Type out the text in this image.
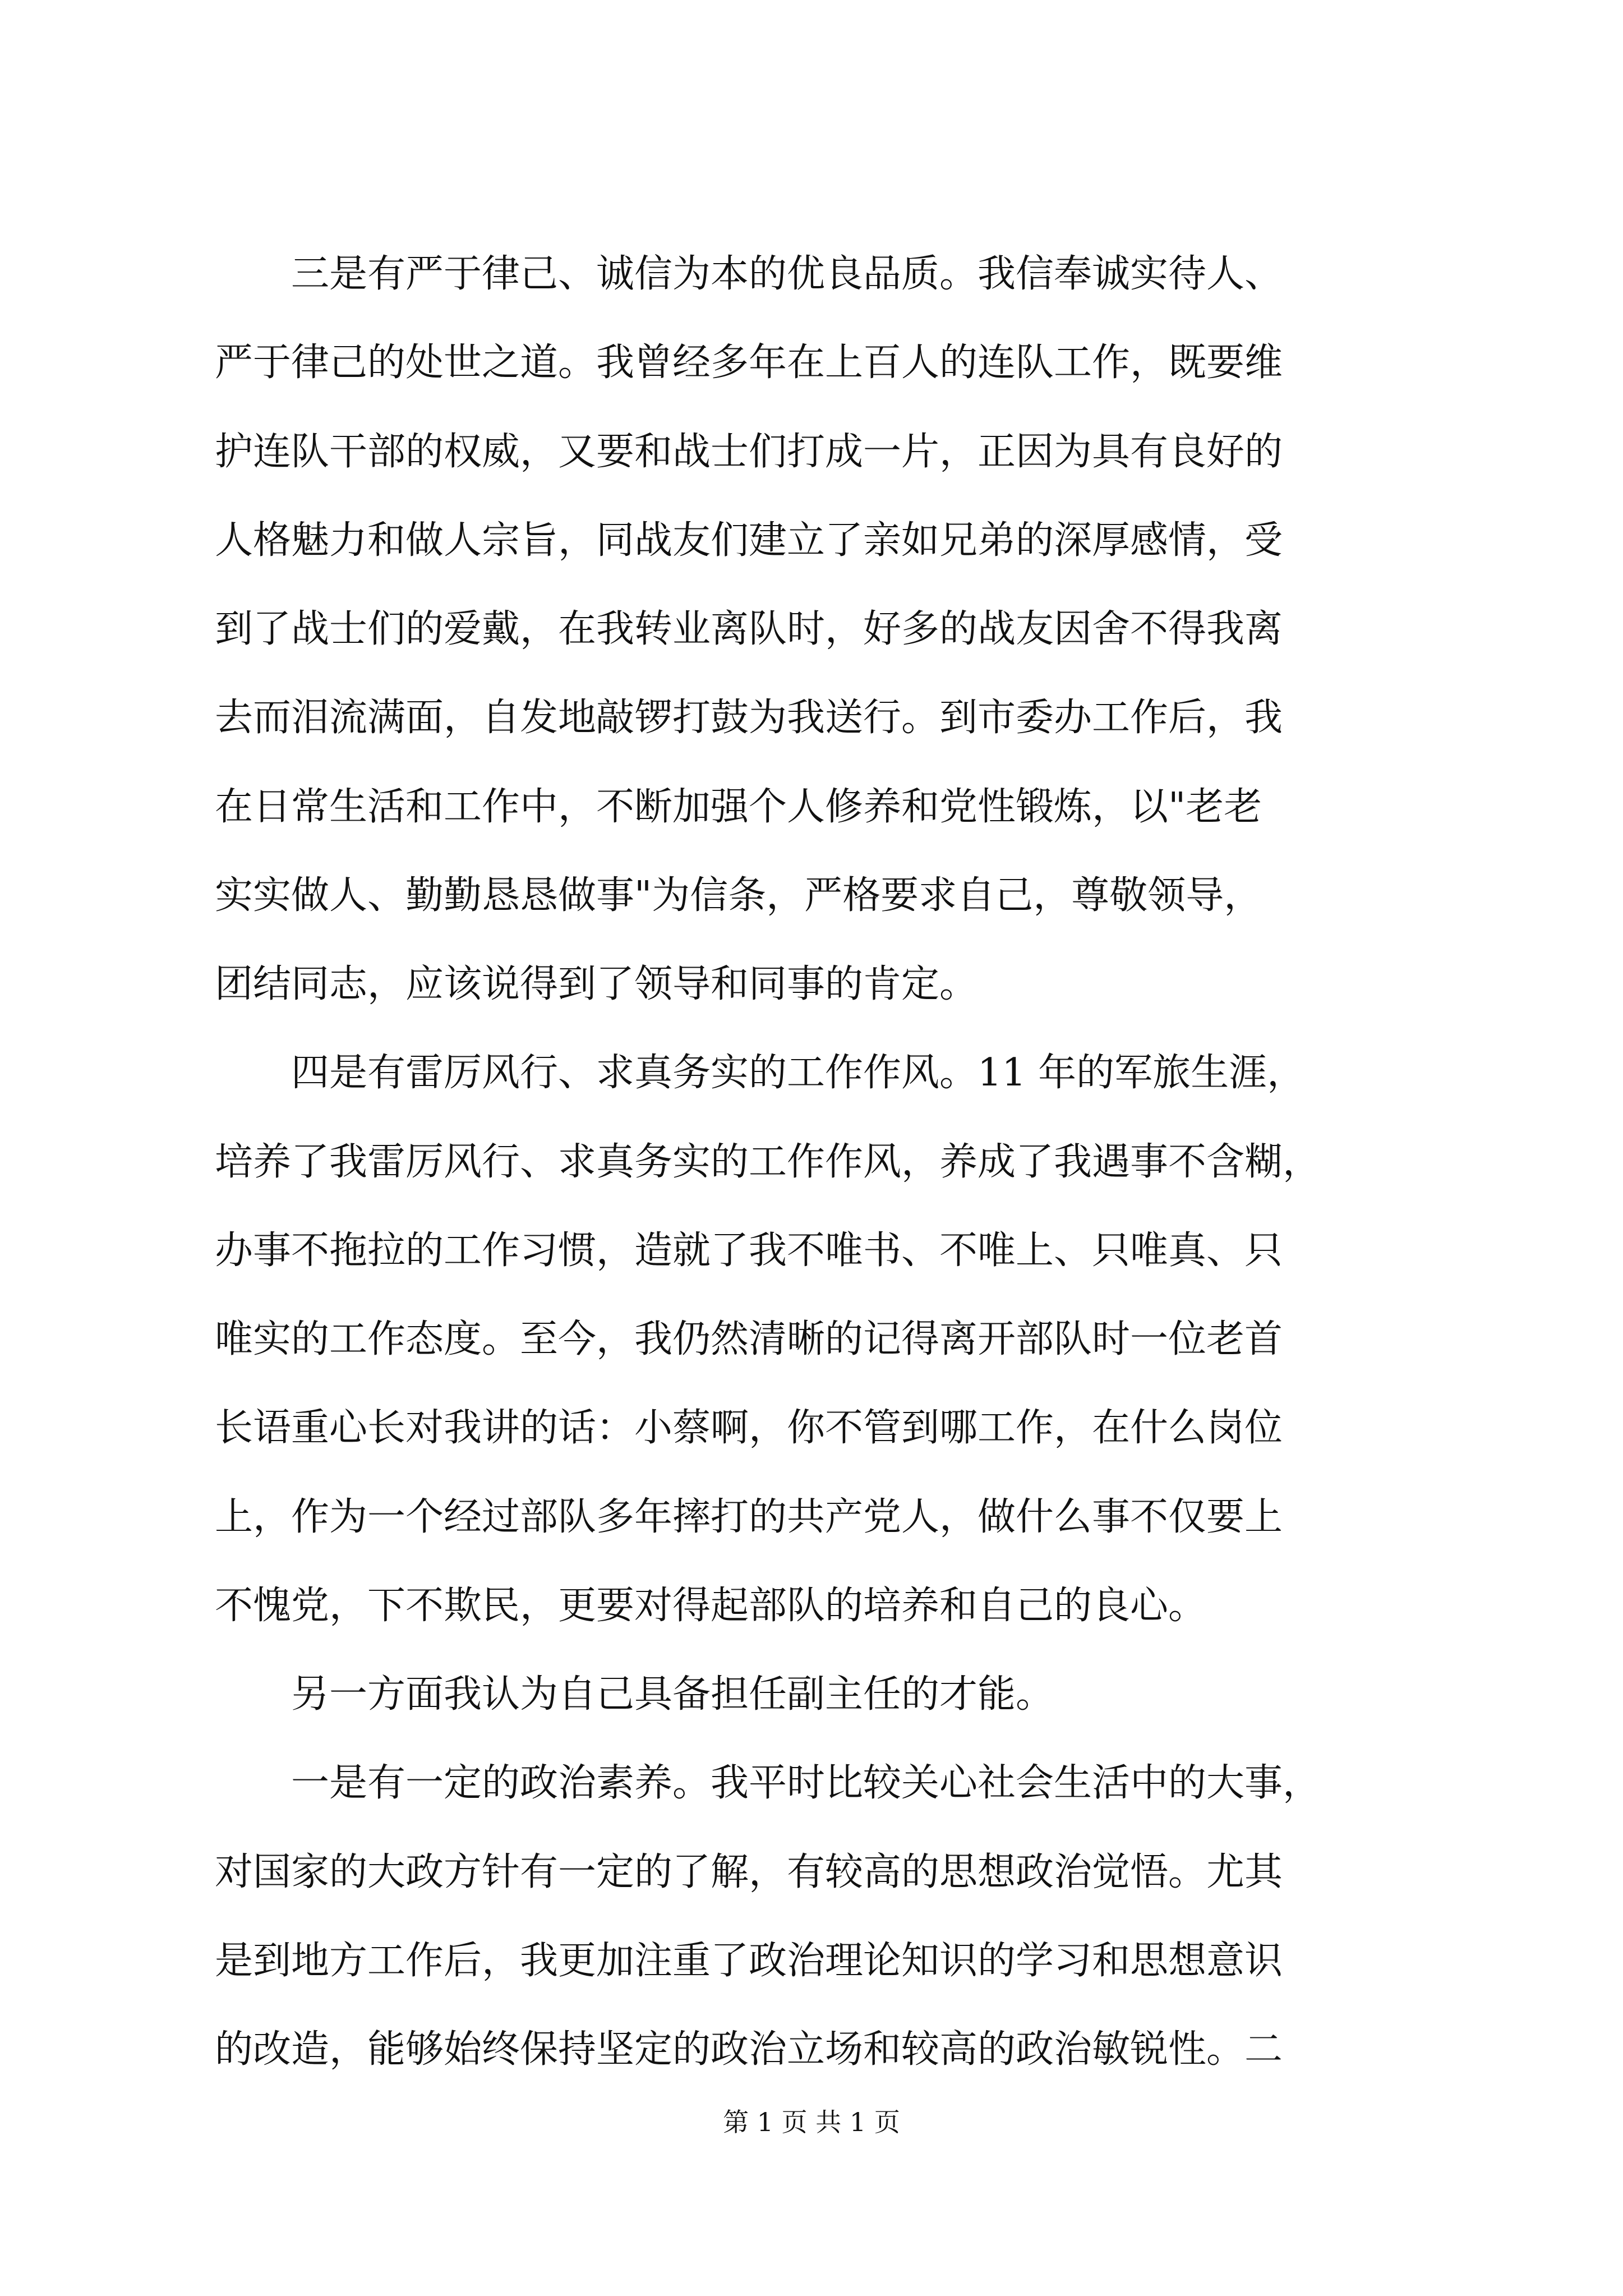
　　三是有严于律己、诚信为本的优良品质。我信奉诚实待人、
严于律己的处世之道。我曾经多年在上百人的连队工作，既要维
护连队干部的权威，又要和战士们打成一片，正因为具有良好的
人格魅力和做人宗旨，同战友们建立了亲如兄弟的深厚感情，受
到了战士们的爱戴，在我转业离队时，好多的战友因舍不得我离
去而泪流满面，自发地敲锣打鼓为我送行。到市委办工作后，我
在日常生活和工作中，不断加强个人修养和党性锻炼，以"老老
实实做人、勤勤恳恳做事"为信条，严格要求自己，尊敬领导，
团结同志，应该说得到了领导和同事的肯定。
　　四是有雷厉风行、求真务实的工作作风。11 年的军旅生涯，
培养了我雷厉风行、求真务实的工作作风，养成了我遇事不含糊，
办事不拖拉的工作习惯，造就了我不唯书、不唯上、只唯真、只
唯实的工作态度。至今，我仍然清晰的记得离开部队时一位老首
长语重心长对我讲的话：小蔡啊，你不管到哪工作，在什么岗位
上，作为一个经过部队多年摔打的共产党人，做什么事不仅要上
不愧党，下不欺民，更要对得起部队的培养和自己的良心。
　　另一方面我认为自己具备担任副主任的才能。
　　一是有一定的政治素养。我平时比较关心社会生活中的大事，
对国家的大政方针有一定的了解，有较高的思想政治觉悟。尤其
是到地方工作后，我更加注重了政治理论知识的学习和思想意识
的改造，能够始终保持坚定的政治立场和较高的政治敏锐性。二
第 1 页 共 1 页
